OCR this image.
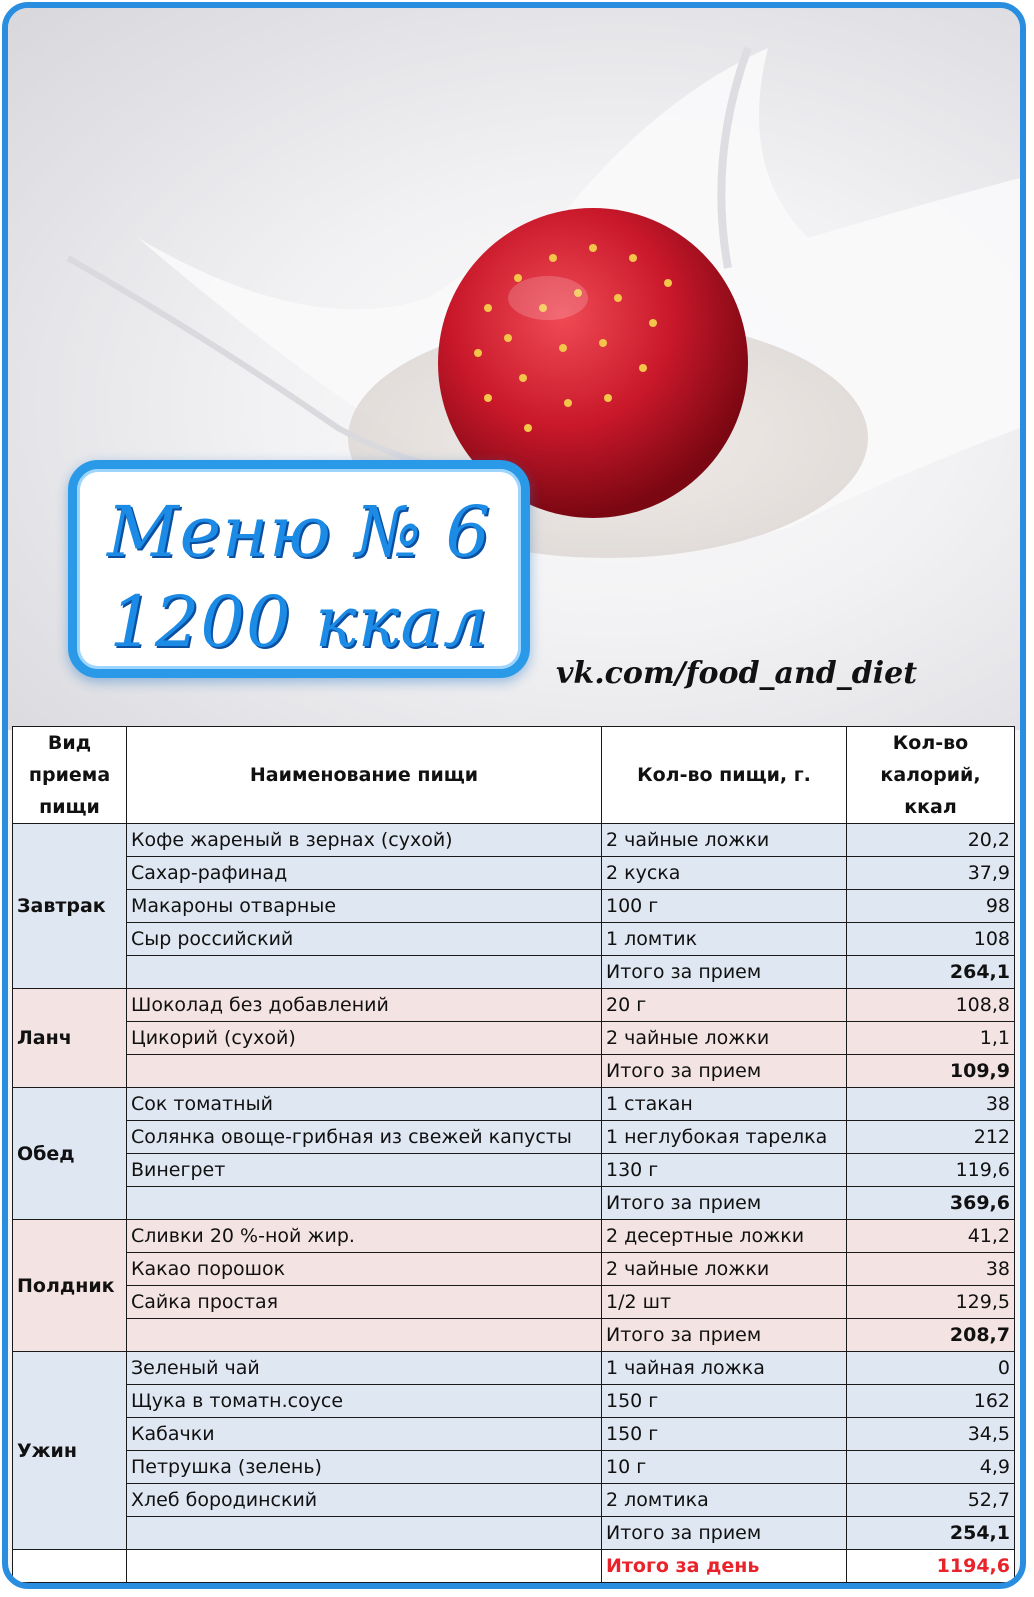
Меню № 6
1200 ккал
vk.com/food_and_diet
Вид приема пищи	Наименование пищи	Кол-во пищи, г.	Кол-во калорий, ккал
Завтрак	Кофе жареный в зернах (сухой)	2 чайные ложки	20,2
	Сахар-рафинад	2 куска	37,9
	Макароны отварные	100 г	98
	Сыр российский	1 ломтик	108
		Итого за прием	264,1
Ланч	Шоколад без добавлений	20 г	108,8
	Цикорий (сухой)	2 чайные ложки	1,1
		Итого за прием	109,9
Обед	Сок томатный	1 стакан	38
	Солянка овоще-грибная из свежей капусты	1 неглубокая тарелка	212
	Винегрет	130 г	119,6
		Итого за прием	369,6
Полдник	Сливки 20 %-ной жир.	2 десертные ложки	41,2
	Какао порошок	2 чайные ложки	38
	Сайка простая	1/2 шт	129,5
		Итого за прием	208,7
Ужин	Зеленый чай	1 чайная ложка	0
	Щука в томатн.соусе	150 г	162
	Кабачки	150 г	34,5
	Петрушка (зелень)	10 г	4,9
	Хлеб бородинский	2 ломтика	52,7
		Итого за прием	254,1
		Итого за день	1194,6
